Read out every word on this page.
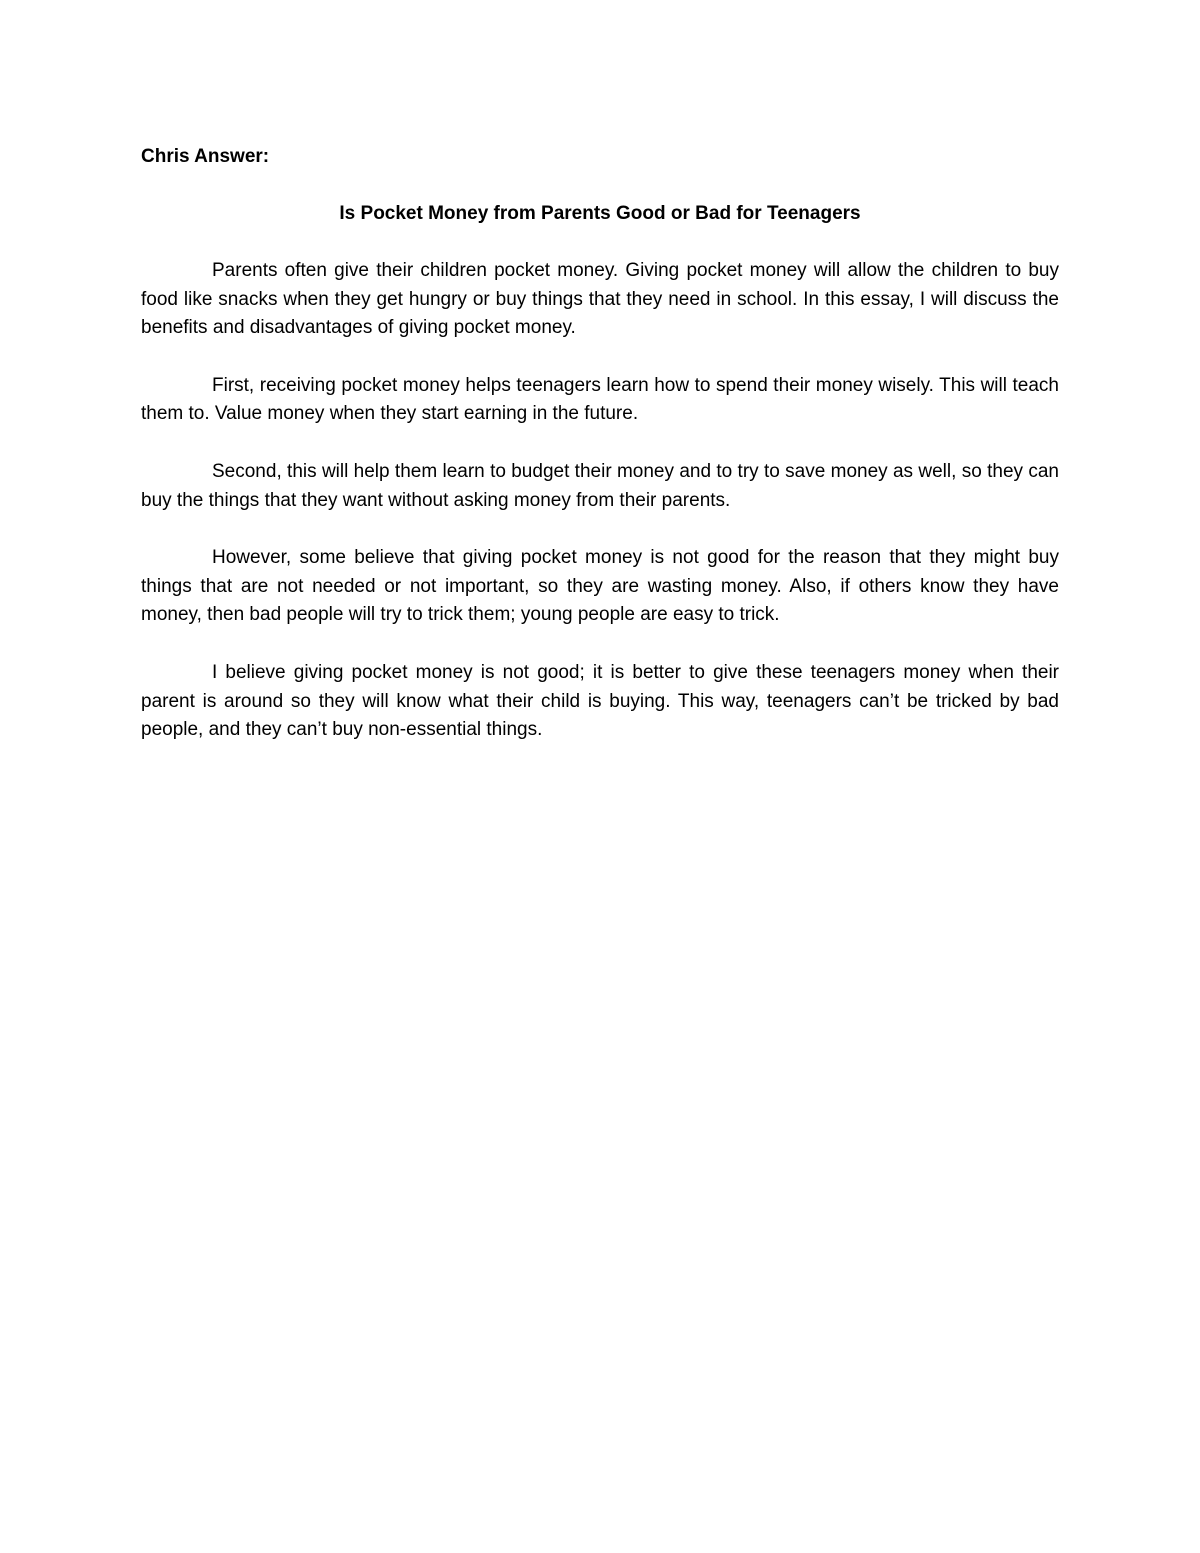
Chris Answer:

Is Pocket Money from Parents Good or Bad for Teenagers

Parents often give their children pocket money. Giving pocket money will allow the children to buy food like snacks when they get hungry or buy things that they need in school. In this essay, I will discuss the benefits and disadvantages of giving pocket money.

First, receiving pocket money helps teenagers learn how to spend their money wisely. This will teach them to. Value money when they start earning in the future.

Second, this will help them learn to budget their money and to try to save money as well, so they can buy the things that they want without asking money from their parents.

However, some believe that giving pocket money is not good for the reason that they might buy things that are not needed or not important, so they are wasting money. Also, if others know they have money, then bad people will try to trick them; young people are easy to trick.

I believe giving pocket money is not good; it is better to give these teenagers money when their parent is around so they will know what their child is buying. This way, teenagers can’t be tricked by bad people, and they can’t buy non-essential things.
